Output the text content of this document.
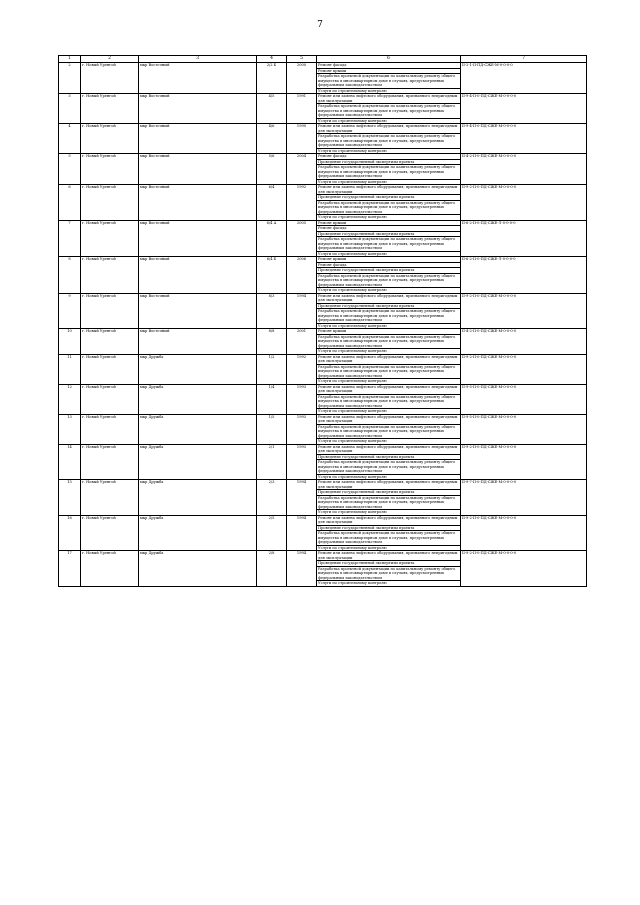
7
1	2	3	4	5	6	7
2	г. Новый Уренгой	мкр Восточный	2/2 Б	2000	Ремонт фасада	II-2-1-II-ПД-СЖЕ-М-0-0-0-0
					Ремонт крыши	
					Разработка проектной документации по капитальному ремонту общего имущества в многоквартирном доме в случаях, предусмотренных федеральным законодательством	
					Услуги по строительному контролю	
3	г. Новый Уренгой	мкр Восточный	4/5	1991	Ремонт или замена лифтового оборудования, признанного непригодным для эксплуатации	II-9-4-II-0-ПД-СЖЕ-М-0-0-0-0
					Разработка проектной документации по капитальному ремонту общего имущества в многоквартирном доме в случаях, предусмотренных федеральным законодательством	
					Услуги по строительному контролю	
4	г. Новый Уренгой	мкр Восточный	4/6	1990	Ремонт или замена лифтового оборудования, признанного непригодным для эксплуатации	II-9-4-II-0-ПД-СЖЕ-М-0-0-0-0
					Разработка проектной документации по капитальному ремонту общего имущества в многоквартирном доме в случаях, предусмотренных федеральным законодательством	
					Услуги по строительному контролю	
5	г. Новый Уренгой	мкр Восточный	5/6	2004	Ремонт фасада	II-4-2-II-0-ПД-СЖЕ-М-0-0-0-0
					Проведение государственной экспертизы проекта	
					Разработка проектной документации по капитальному ремонту общего имущества в многоквартирном доме в случаях, предусмотренных федеральным законодательством	
					Услуги по строительному контролю	
6	г. Новый Уренгой	мкр Восточный	6/4	1992	Ремонт или замена лифтового оборудования, признанного непригодным для эксплуатации	II-9-2-II-0-ПД-СЖЕ-М-0-0-0-0
					Проведение государственной экспертизы проекта	
					Разработка проектной документации по капитальному ремонту общего имущества в многоквартирном доме в случаях, предусмотренных федеральным законодательством	
					Услуги по строительному контролю	
7	г. Новый Уренгой	мкр Восточный	6/4 А	2005	Ремонт крыши	II-6-2-II-0-ПД-СЖЕ-Л-0-0-0-0
					Ремонт фасада	
					Проведение государственной экспертизы проекта	
					Разработка проектной документации по капитальному ремонту общего имущества в многоквартирном доме в случаях, предусмотренных федеральным законодательством	
					Услуги по строительному контролю	
8	г. Новый Уренгой	мкр Восточный	6/4 Б	2006	Ремонт крыши	II-6-2-II-0-ПД-СЖЕ-Л-0-0-0-0
					Ремонт фасада	
					Проведение государственной экспертизы проекта	
					Разработка проектной документации по капитальному ремонту общего имущества в многоквартирном доме в случаях, предусмотренных федеральным законодательством	
					Услуги по строительному контролю	
9	г. Новый Уренгой	мкр Восточный	8/3	1994	Ремонт или замена лифтового оборудования, признанного непригодным для эксплуатации	II-9-2-II-0-ПД-СЖЕ-М-0-0-0-0
					Проведение государственной экспертизы проекта	
					Разработка проектной документации по капитальному ремонту общего имущества в многоквартирном доме в случаях, предусмотренных федеральным законодательством	
					Услуги по строительному контролю	
10	г. Новый Уренгой	мкр Восточный	8/8	2001	Ремонт крыши	II-4-2-II-0-ПД-СЖЕ-М-0-0-0-0
					Разработка проектной документации по капитальному ремонту общего имущества в многоквартирном доме в случаях, предусмотренных федеральным законодательством	
					Услуги по строительному контролю	
11	г. Новый Уренгой	мкр Дружба	1/2	1992	Ремонт или замена лифтового оборудования, признанного непригодным для эксплуатации	II-9-2-II-0-ПД-СЖЕ-М-0-0-0-0
					Разработка проектной документации по капитальному ремонту общего имущества в многоквартирном доме в случаях, предусмотренных федеральным законодательством	
					Услуги по строительному контролю	
12	г. Новый Уренгой	мкр Дружба	1/4	1993	Ремонт или замена лифтового оборудования, признанного непригодным для эксплуатации	II-9-5-II-0-ПД-СЖЕ-М-0-0-0-0
					Разработка проектной документации по капитальному ремонту общего имущества в многоквартирном доме в случаях, предусмотренных федеральным законодательством	
					Услуги по строительному контролю	
13	г. Новый Уренгой	мкр Дружба	1/5	1993	Ремонт или замена лифтового оборудования, признанного непригодным для эксплуатации	II-9-5-II-0-ПД-СЖЕ-М-0-0-0-0
					Разработка проектной документации по капитальному ремонту общего имущества в многоквартирном доме в случаях, предусмотренных федеральным законодательством	
					Услуги по строительному контролю	
14	г. Новый Уренгой	мкр Дружба	2/1	1993	Ремонт или замена лифтового оборудования, признанного непригодным для эксплуатации	II-9-2-II-0-ПД-СЖЕ-М-0-0-0-0
					Проведение государственной экспертизы проекта	
					Разработка проектной документации по капитальному ремонту общего имущества в многоквартирном доме в случаях, предусмотренных федеральным законодательством	
					Услуги по строительному контролю	
15	г. Новый Уренгой	мкр Дружба	2/3	1994	Ремонт или замена лифтового оборудования, признанного непригодным для эксплуатации	II-9-7-II-0-ПД-СЖЕ-М-0-0-0-0
					Проведение государственной экспертизы проекта	
					Разработка проектной документации по капитальному ремонту общего имущества в многоквартирном доме в случаях, предусмотренных федеральным законодательством	
					Услуги по строительному контролю	
16	г. Новый Уренгой	мкр Дружба	2/5	1994	Ремонт или замена лифтового оборудования, признанного непригодным для эксплуатации	II-9-2-II-0-ПД-СЖЕ-М-0-0-0-0
					Проведение государственной экспертизы проекта	
					Разработка проектной документации по капитальному ремонту общего имущества в многоквартирном доме в случаях, предусмотренных федеральным законодательством	
					Услуги по строительному контролю	
17	г. Новый Уренгой	мкр Дружба	2/8	1994	Ремонт или замена лифтового оборудования, признанного непригодным для эксплуатации	II-9-2-II-0-ПД-СЖЕ-М-0-0-0-0
					Проведение государственной экспертизы проекта	
					Разработка проектной документации по капитальному ремонту общего имущества в многоквартирном доме в случаях, предусмотренных федеральным законодательством	
					Услуги по строительному контролю	
